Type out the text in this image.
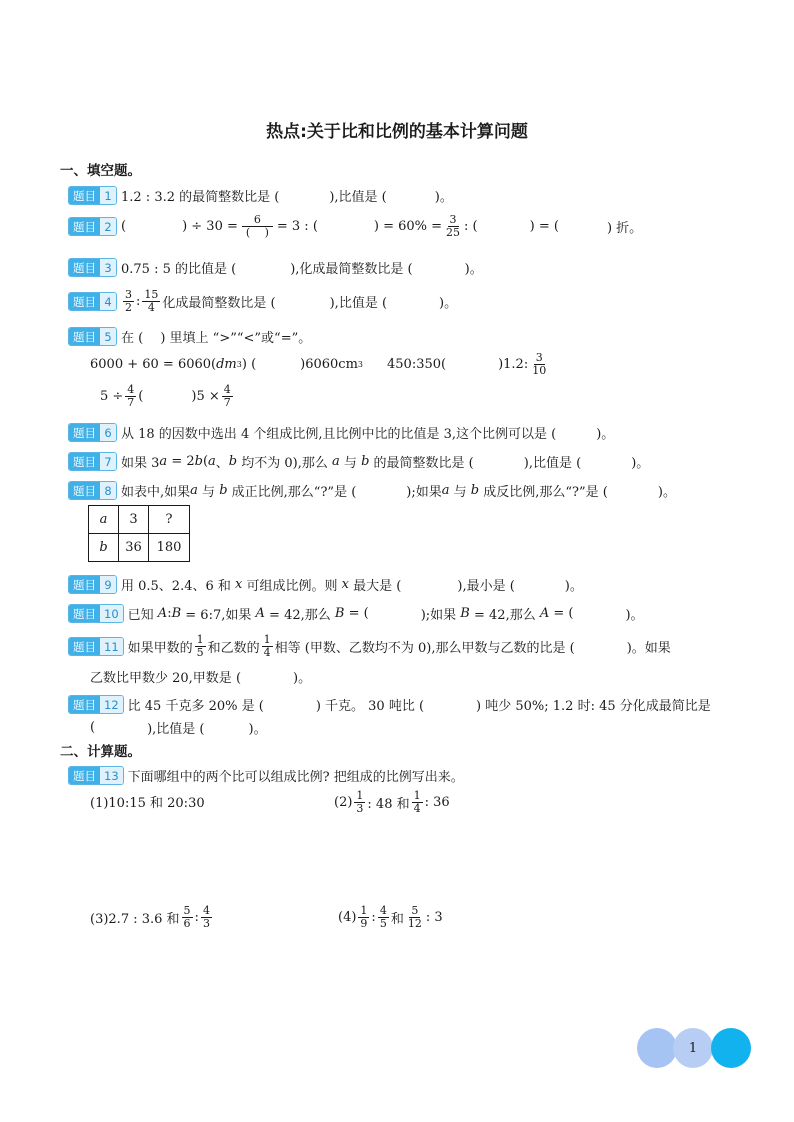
热点:关于比和比例的基本计算问题
一、填空题。
题目 1 1.2 : 3.2 的最简整数比是 (	),比值是 (	)。
题目 2 (	) ÷ $30 = \frac{6}{( )} = 3$ : (	) = $60\% = \frac{3}{25}$ : (	) = (	) 折。
题目 3 0.75 : 5 的比值是 (	),化成最简整数比是 (	)。
题目 4	$\frac{3}{2}$ : $\frac{15}{4}$ 化成最简整数比是 (	),比值是 (	)。
题目 5 在 (　 ) 里填上 “>”“<”或“=”。
6000 + 60 = 6060( dm 3 ) (	)6060cm 3 450:350(	)1.2: $\frac{3}{10}$
$5 \div \frac{4}{7}$ (	)$5 \times \frac{4}{7}$
题目 6 从 18 的因数中选出 4 个组成比例,且比例中比的比值是 3,这个比例可以是 (	)。
题目 7 如果 3 a
= 2 b ( a 、 b
均不为 0),那么
a
与
b
的最简整数比是 (	),比值是 (	)。
题目 8 如表中,如果 a
与
b
成正比例,那么“?”是 (	);如果 a
与
b
成反比例,那么“?”是 (	)。
a	3	?
b	36	180
题目 9 用 0.5、2.4、6 和
x
可组成比例。则
x
最大是 (	),最小是 (	)。
题目 10 已知
A : B
= 6:7,如果
A
= 42,那么
B
= (	);如果
B
= 42,那么
A
= (	)。
题目 11 如果甲数的 $\frac{1}{5}$ 和乙数的 $\frac{1}{4}$ 相等 (甲数、乙数均不为 0),那么甲数与乙数的比是 (	)。如果
乙数比甲数少 20,甲数是 (	)。
题目 12 比 45 千克多 20% 是 (	) 千克。 30 吨比 (	) 吨少 50%; 1.2 时: 45 分化成最简比是
(	),比值是 (	)。
二、计算题。
题目 13 下面哪组中的两个比可以组成比例? 把组成的比例写出来。
(1)10:15 和 20:30	$(2) \frac{1}{3}$ : 48 和 $\frac{1}{4}$ : 36
(3)2.7 : 3.6 和 $\frac{5}{6}$ : $\frac{4}{3}$	$(4) \frac{1}{9}$ : $\frac{4}{5}$ 和 $\frac{5}{12}$ : 3
1
